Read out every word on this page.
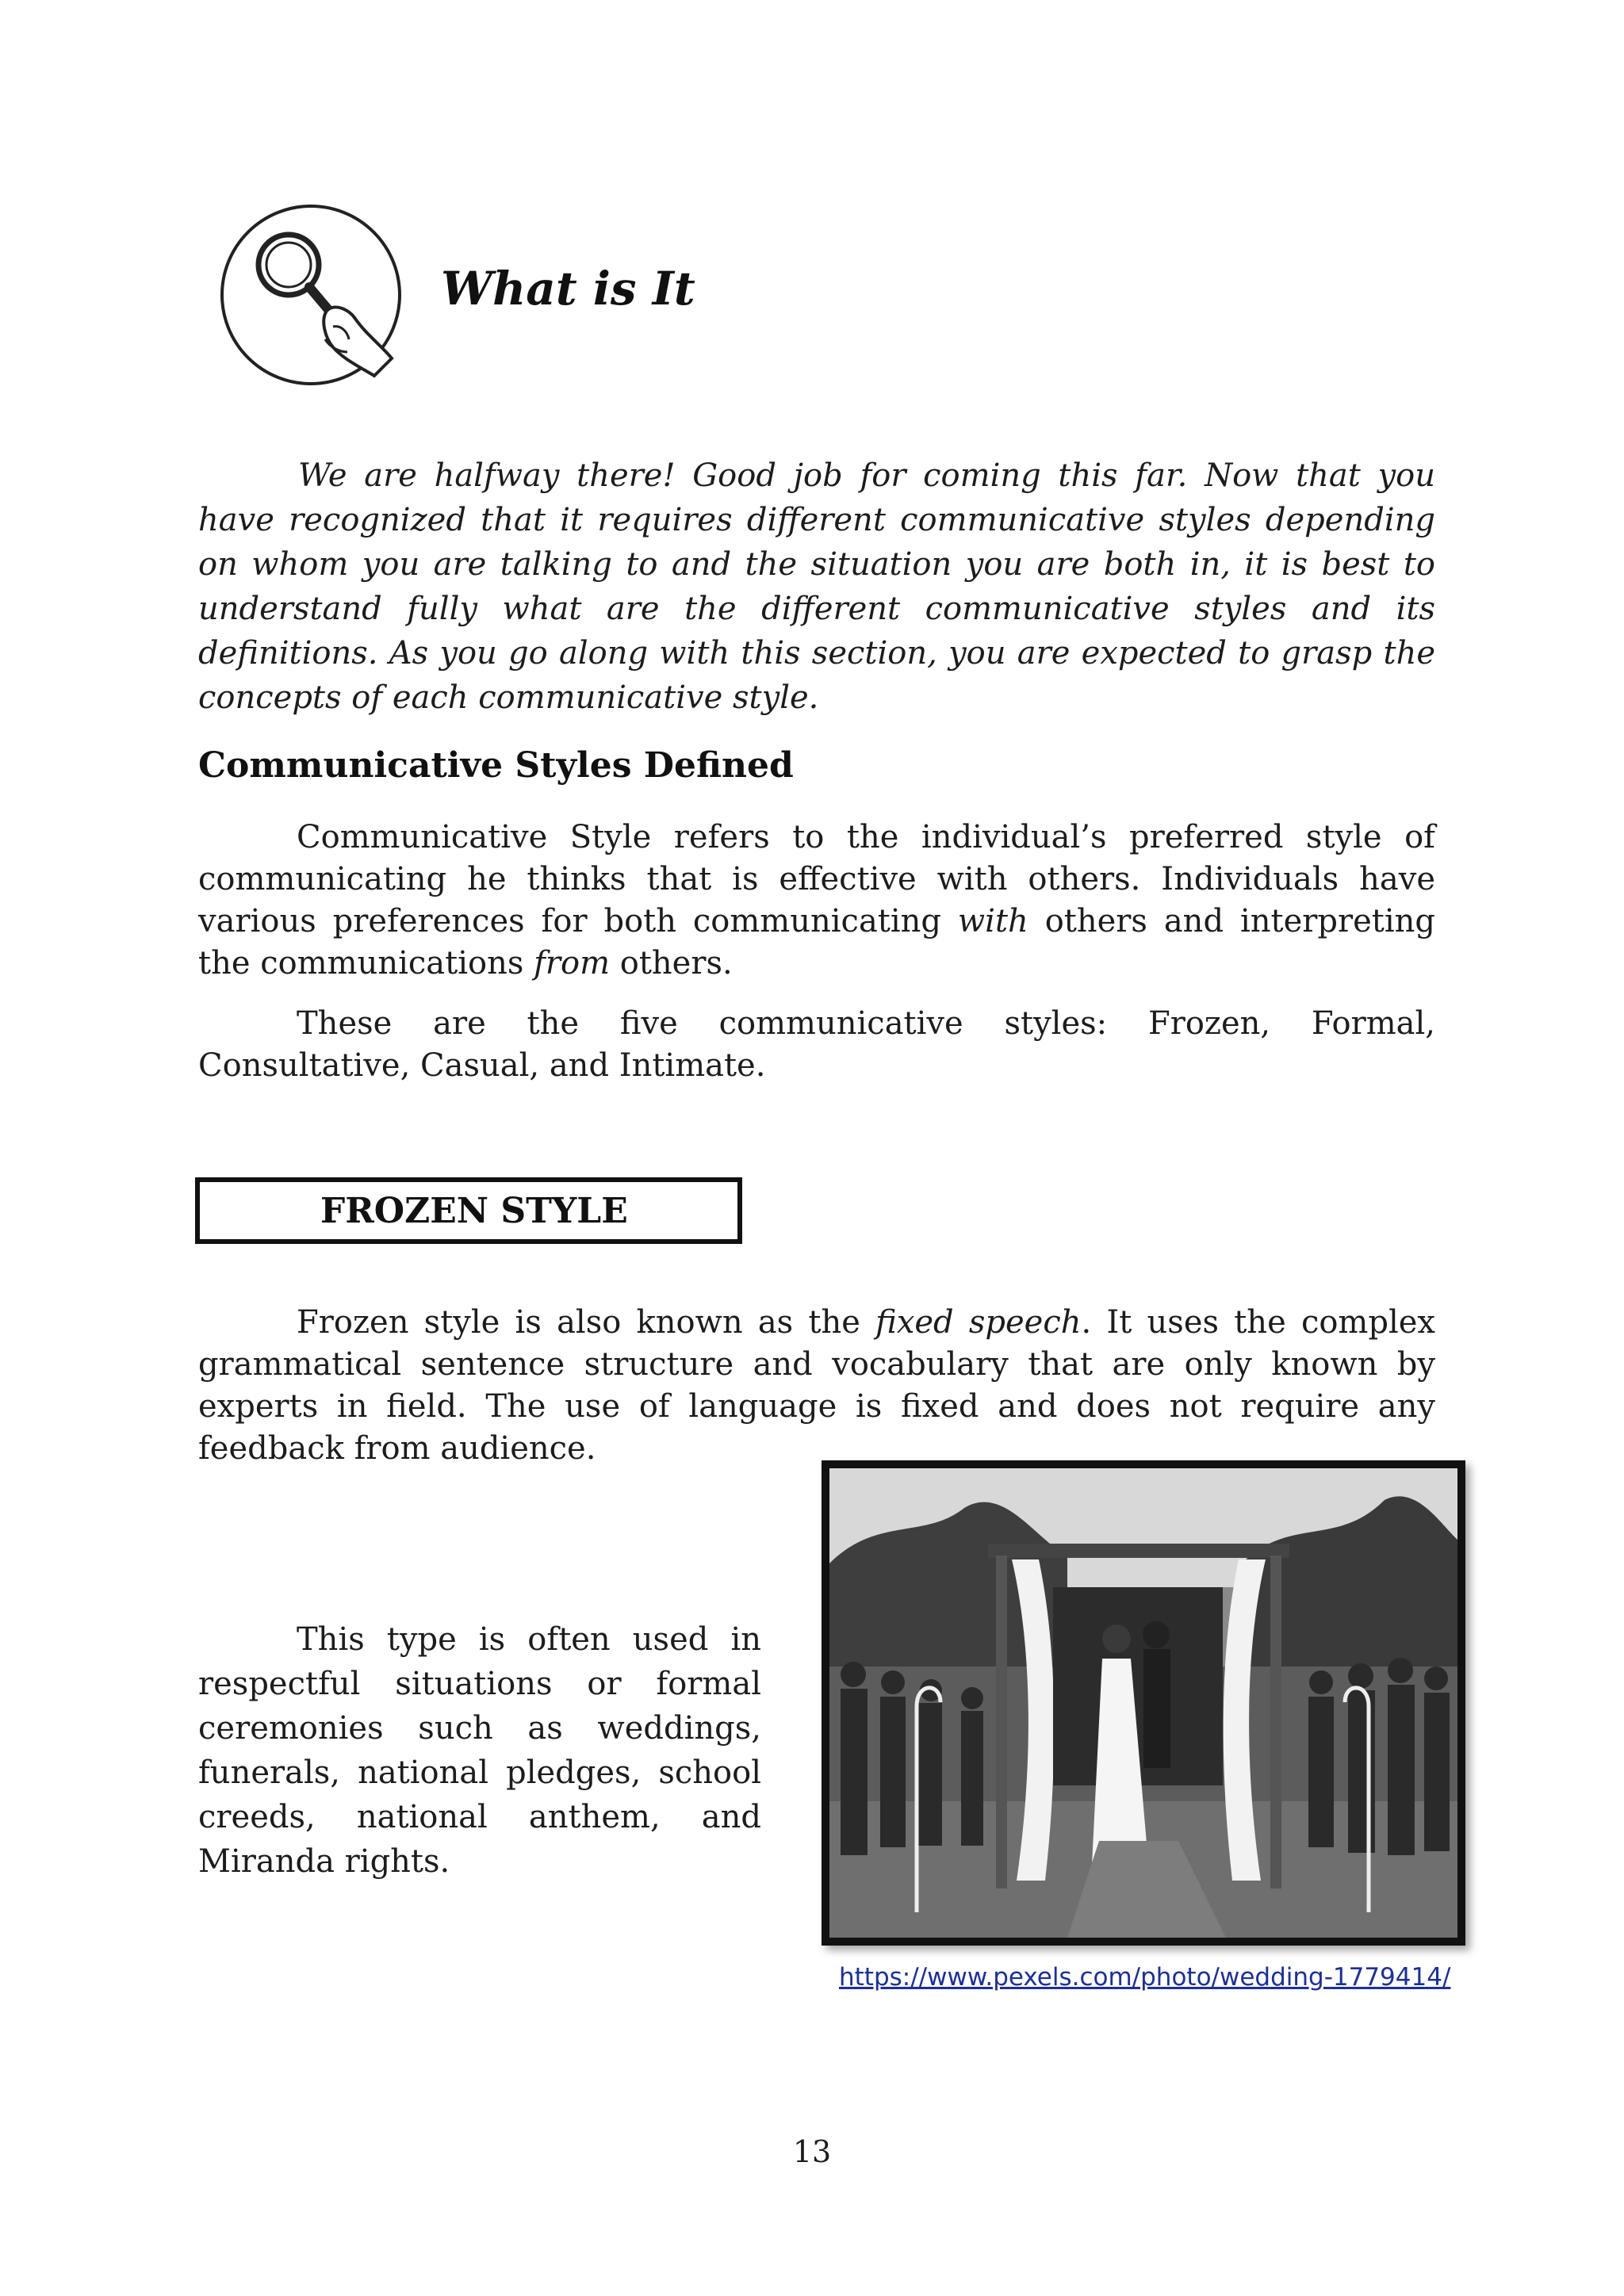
What is It

We are halfway there! Good job for coming this far. Now that you have recognized that it requires different communicative styles depending on whom you are talking to and the situation you are both in, it is best to understand fully what are the different communicative styles and its definitions. As you go along with this section, you are expected to grasp the concepts of each communicative style.

Communicative Styles Defined

Communicative Style refers to the individual’s preferred style of communicating he thinks that is effective with others. Individuals have various preferences for both communicating with others and interpreting the communications from others.

These are the five communicative styles: Frozen, Formal, Consultative, Casual, and Intimate.

FROZEN STYLE

Frozen style is also known as the fixed speech. It uses the complex grammatical sentence structure and vocabulary that are only known by experts in field. The use of language is fixed and does not require any feedback from audience.

This type is often used in respectful situations or formal ceremonies such as weddings, funerals, national pledges, school creeds, national anthem, and Miranda rights.

https://www.pexels.com/photo/wedding-1779414/
13
